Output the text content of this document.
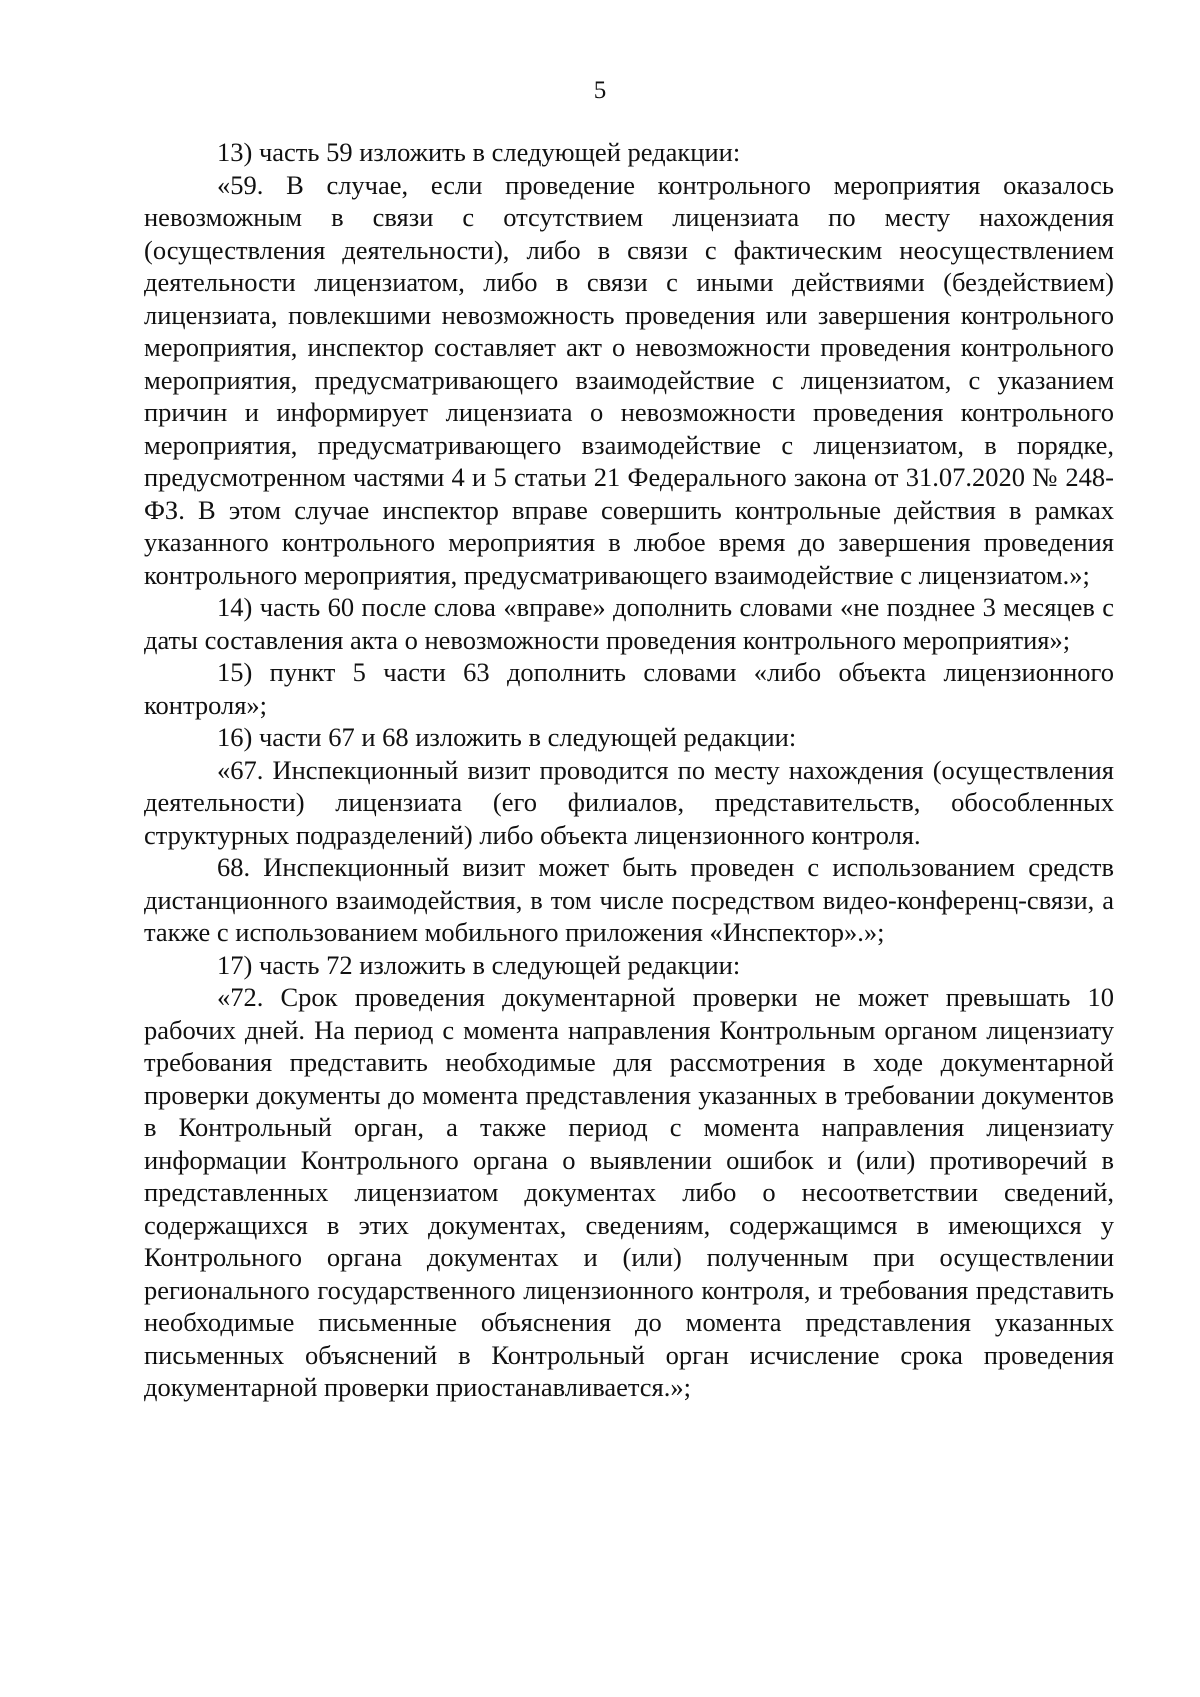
5

13) часть 59 изложить в следующей редакции:

«59. В случае, если проведение контрольного мероприятия оказалось невозможным в связи с отсутствием лицензиата по месту нахождения (осуществления деятельности), либо в связи с фактическим неосуществлением деятельности лицензиатом, либо в связи с иными действиями (бездействием) лицензиата, повлекшими невозможность проведения или завершения контрольного мероприятия, инспектор составляет акт о невозможности проведения контрольного мероприятия, предусматривающего взаимодействие с лицензиатом, с указанием причин и информирует лицензиата о невозможности проведения контрольного мероприятия, предусматривающего взаимодействие с лицензиатом, в порядке, предусмотренном частями 4 и 5 статьи 21 Федерального закона от 31.07.2020 № 248-ФЗ. В этом случае инспектор вправе совершить контрольные действия в рамках указанного контрольного мероприятия в любое время до завершения проведения контрольного мероприятия, предусматривающего взаимодействие с лицензиатом.»;

14) часть 60 после слова «вправе» дополнить словами «не позднее 3 месяцев с даты составления акта о невозможности проведения контрольного мероприятия»;

15) пункт 5 части 63 дополнить словами «либо объекта лицензионного контроля»;

16) части 67 и 68 изложить в следующей редакции:

«67. Инспекционный визит проводится по месту нахождения (осуществления деятельности) лицензиата (его филиалов, представительств, обособленных структурных подразделений) либо объекта лицензионного контроля.

68. Инспекционный визит может быть проведен с использованием средств дистанционного взаимодействия, в том числе посредством видео-конференц-связи, а также с использованием мобильного приложения «Инспектор».»;

17) часть 72 изложить в следующей редакции:

«72. Срок проведения документарной проверки не может превышать 10 рабочих дней. На период с момента направления Контрольным органом лицензиату требования представить необходимые для рассмотрения в ходе документарной проверки документы до момента представления указанных в требовании документов в Контрольный орган, а также период с момента направления лицензиату информации Контрольного органа о выявлении ошибок и (или) противоречий в представленных лицензиатом документах либо о несоответствии сведений, содержащихся в этих документах, сведениям, содержащимся в имеющихся у Контрольного органа документах и (или) полученным при осуществлении регионального государственного лицензионного контроля, и требования представить необходимые письменные объяснения до момента представления указанных письменных объяснений в Контрольный орган исчисление срока проведения документарной проверки приостанавливается.»;
